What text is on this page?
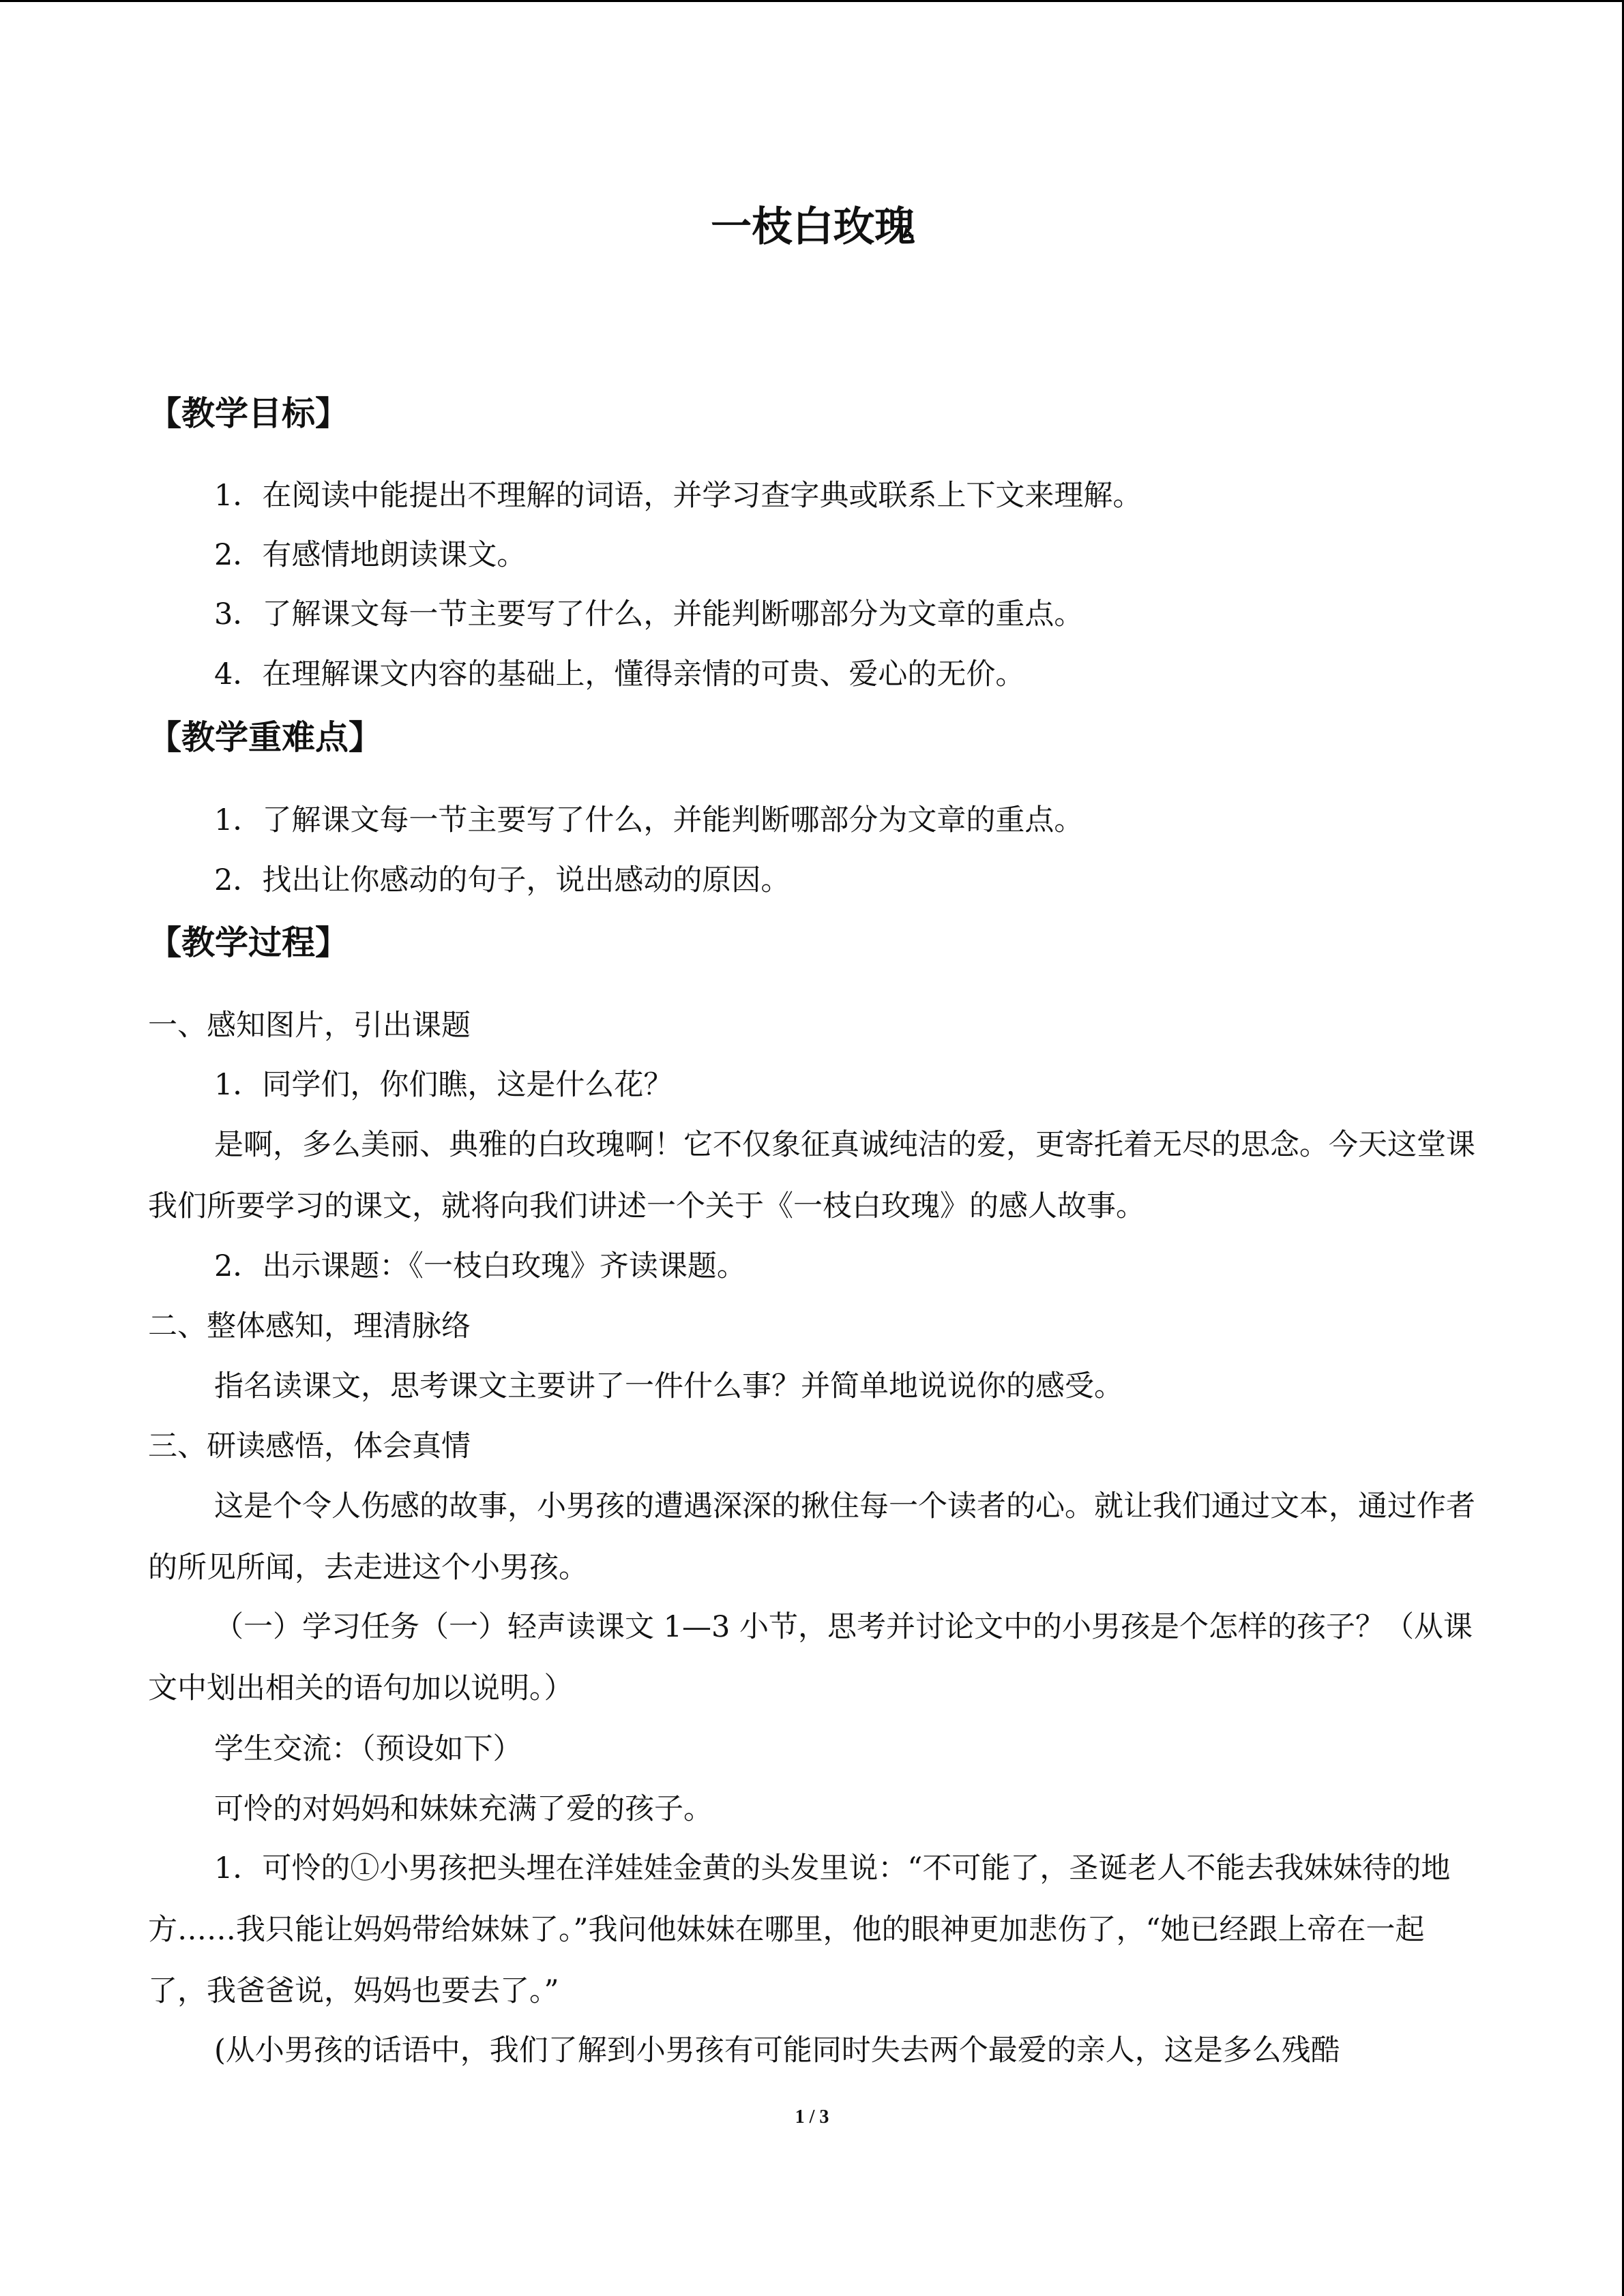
一枝白玫瑰
【教学目标】
1．在阅读中能提出不理解的词语，并学习查字典或联系上下文来理解。
2．有感情地朗读课文。
3．了解课文每一节主要写了什么，并能判断哪部分为文章的重点。
4．在理解课文内容的基础上，懂得亲情的可贵、爱心的无价。
【教学重难点】
1．了解课文每一节主要写了什么，并能判断哪部分为文章的重点。
2．找出让你感动的句子，说出感动的原因。
【教学过程】
一、感知图片，引出课题
1．同学们，你们瞧，这是什么花？
是啊，多么美丽、典雅的白玫瑰啊！它不仅象征真诚纯洁的爱，更寄托着无尽的思念。今天这堂课我们所要学习的课文，就将向我们讲述一个关于《一枝白玫瑰》的感人故事。
2．出示课题：《一枝白玫瑰》齐读课题。
二、整体感知，理清脉络
指名读课文，思考课文主要讲了一件什么事？并简单地说说你的感受。
三、研读感悟，体会真情
这是个令人伤感的故事，小男孩的遭遇深深的揪住每一个读者的心。就让我们通过文本，通过作者的所见所闻，去走进这个小男孩。
（一）学习任务（一）轻声读课文 1—3 小节，思考并讨论文中的小男孩是个怎样的孩子？（从课文中划出相关的语句加以说明。）
学生交流：（预设如下）
可怜的对妈妈和妹妹充满了爱的孩子。
1．可怜的①小男孩把头埋在洋娃娃金黄的头发里说：“不可能了，圣诞老人不能去我妹妹待的地方……我只能让妈妈带给妹妹了。”我问他妹妹在哪里，他的眼神更加悲伤了，“她已经跟上帝在一起了，我爸爸说，妈妈也要去了。”
(从小男孩的话语中，我们了解到小男孩有可能同时失去两个最爱的亲人，这是多么残酷
1 / 3
